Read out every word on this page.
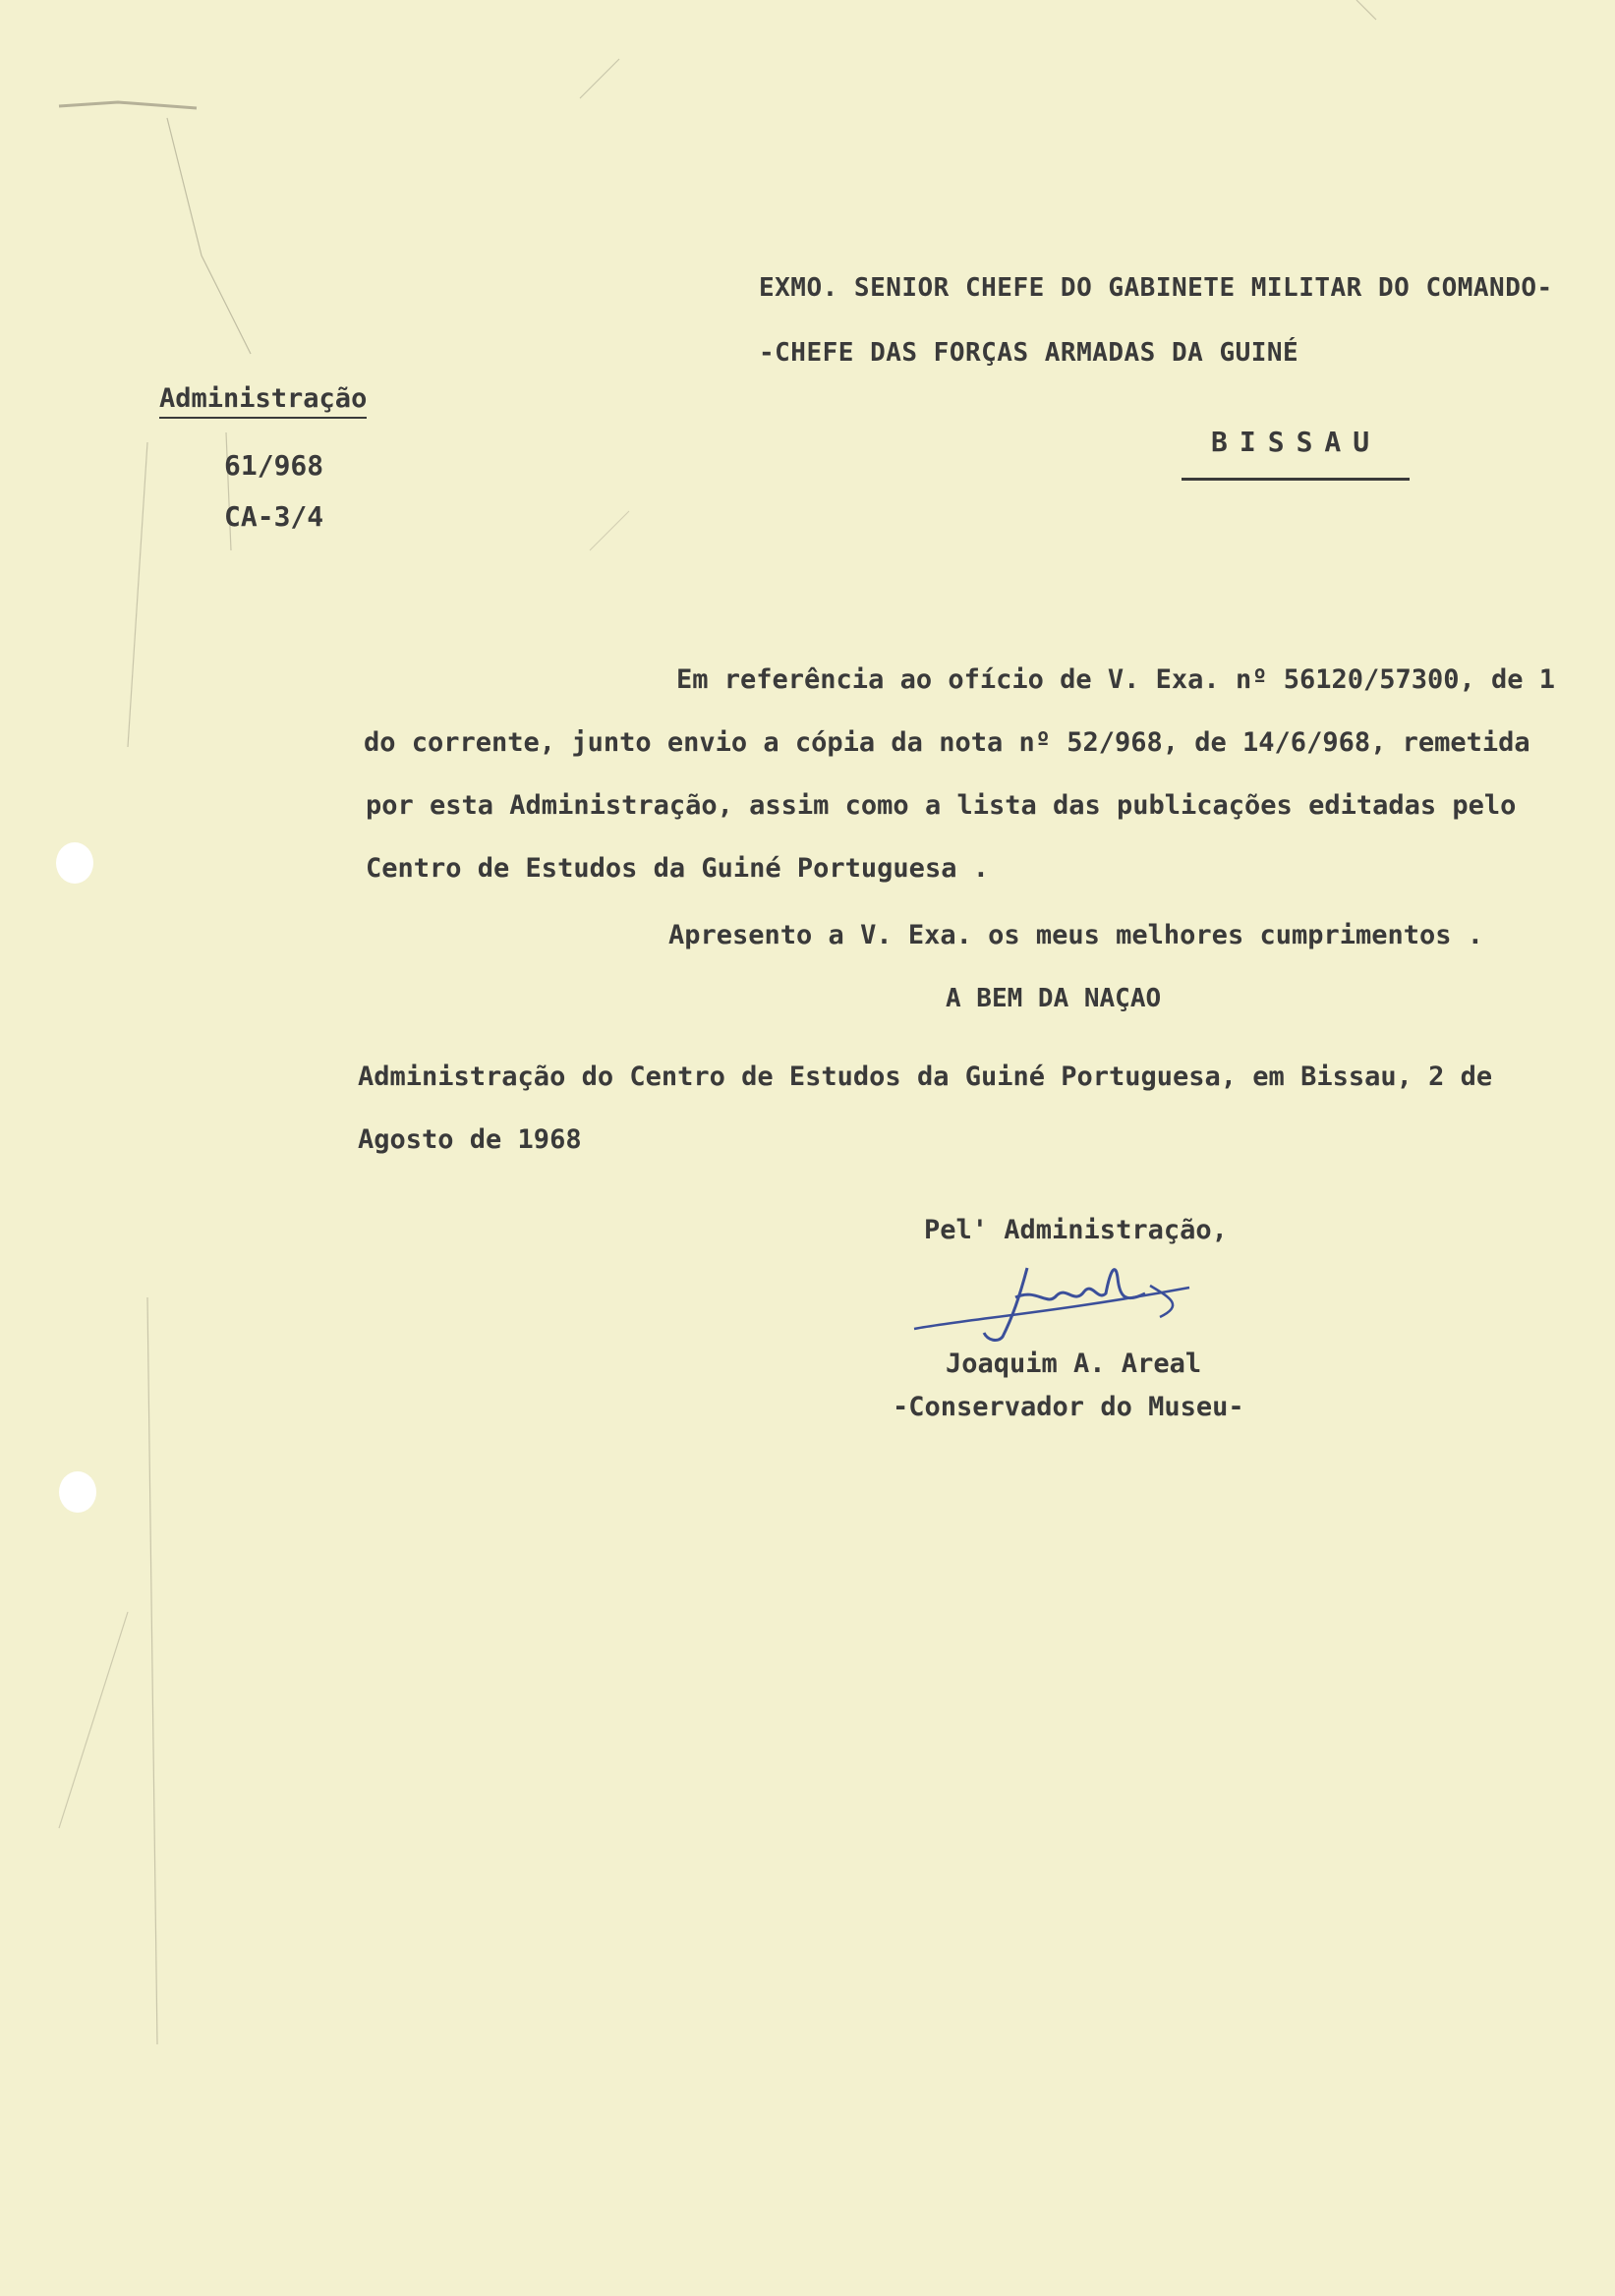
EXMO. SENIOR CHEFE DO GABINETE MILITAR DO COMANDO-
-CHEFE DAS FORÇAS ARMADAS DA GUINÉ
BISSAU
Administração
61/968
CA-3/4
Em referência ao ofício de V. Exa. nº 56120/57300, de 1
do corrente, junto envio a cópia da nota nº 52/968, de 14/6/968, remetida
por esta Administração, assim como a lista das publicações editadas pelo
Centro de Estudos da Guiné Portuguesa .
Apresento a V. Exa. os meus melhores cumprimentos .
A BEM DA NAÇAO
Administração do Centro de Estudos da Guiné Portuguesa, em Bissau, 2 de
Agosto de 1968
Pel' Administração,
Joaquim A. Areal
-Conservador do Museu-
